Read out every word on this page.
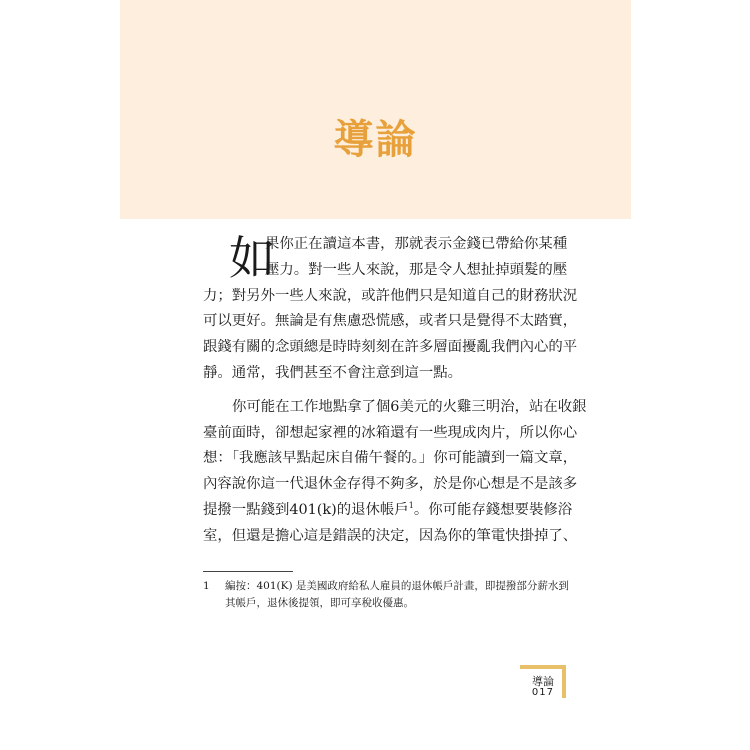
導論
如
果你正在讀這本書，那就表示金錢已帶給你某種
壓力。對一些人來說，那是令人想扯掉頭髮的壓
力；對另外一些人來說，或許他們只是知道自己的財務狀況
可以更好。無論是有焦慮恐慌感，或者只是覺得不太踏實，
跟錢有關的念頭總是時時刻刻在許多層面擾亂我們內心的平
靜。通常，我們甚至不會注意到這一點。
你可能在工作地點拿了個6美元的火雞三明治，站在收銀
臺前面時，卻想起家裡的冰箱還有一些現成肉片，所以你心
想：「我應該早點起床自備午餐的。」你可能讀到一篇文章，
內容說你這一代退休金存得不夠多，於是你心想是不是該多
提撥一點錢到401(k)的退休帳戶$^1$。你可能存錢想要裝修浴
室，但還是擔心這是錯誤的決定，因為你的筆電快掛掉了、
1	編按：401(K) 是美國政府給私人雇員的退休帳戶計畫，即提撥部分薪水到其帳戶，退休後提領，即可享稅收優惠。
導論
017
